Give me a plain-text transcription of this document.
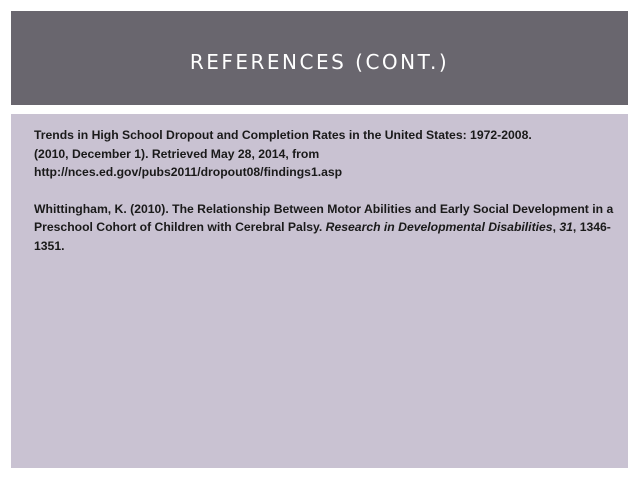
REFERENCES (CONT.)

Trends in High School Dropout and Completion Rates in the United States: 1972-2008.
(2010, December 1). Retrieved May 28, 2014, from
http://nces.ed.gov/pubs2011/dropout08/findings1.asp

Whittingham, K. (2010). The Relationship Between Motor Abilities and Early Social Development in a Preschool Cohort of Children with Cerebral Palsy. Research in Developmental Disabilities, 31, 1346-1351.
